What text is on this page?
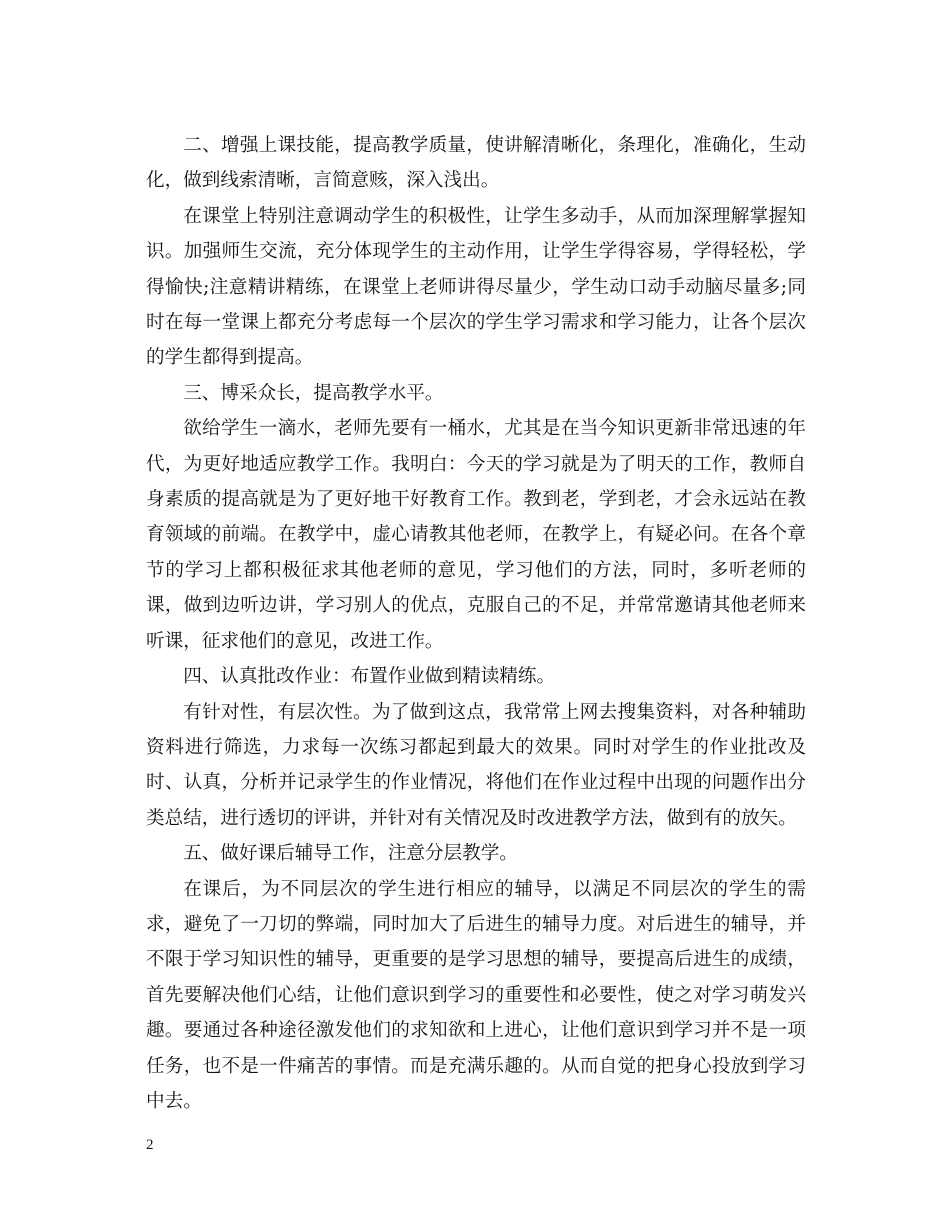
二、增强上课技能，提高教学质量，使讲解清晰化，条理化，准确化，生动化，做到线索清晰，言简意赅，深入浅出。

在课堂上特别注意调动学生的积极性，让学生多动手，从而加深理解掌握知识。加强师生交流，充分体现学生的主动作用，让学生学得容易，学得轻松，学得愉快;注意精讲精练，在课堂上老师讲得尽量少，学生动口动手动脑尽量多;同时在每一堂课上都充分考虑每一个层次的学生学习需求和学习能力，让各个层次的学生都得到提高。

三、博采众长，提高教学水平。

欲给学生一滴水，老师先要有一桶水，尤其是在当今知识更新非常迅速的年代，为更好地适应教学工作。我明白：今天的学习就是为了明天的工作，教师自身素质的提高就是为了更好地干好教育工作。教到老，学到老，才会永远站在教育领域的前端。在教学中，虚心请教其他老师，在教学上，有疑必问。在各个章节的学习上都积极征求其他老师的意见，学习他们的方法，同时，多听老师的课，做到边听边讲，学习别人的优点，克服自己的不足，并常常邀请其他老师来听课，征求他们的意见，改进工作。

四、认真批改作业：布置作业做到精读精练。

有针对性，有层次性。为了做到这点，我常常上网去搜集资料，对各种辅助资料进行筛选，力求每一次练习都起到最大的效果。同时对学生的作业批改及时、认真，分析并记录学生的作业情况，将他们在作业过程中出现的问题作出分类总结，进行透切的评讲，并针对有关情况及时改进教学方法，做到有的放矢。

五、做好课后辅导工作，注意分层教学。

在课后，为不同层次的学生进行相应的辅导，以满足不同层次的学生的需求，避免了一刀切的弊端，同时加大了后进生的辅导力度。对后进生的辅导，并不限于学习知识性的辅导，更重要的是学习思想的辅导，要提高后进生的成绩，首先要解决他们心结，让他们意识到学习的重要性和必要性，使之对学习萌发兴趣。要通过各种途径激发他们的求知欲和上进心，让他们意识到学习并不是一项任务，也不是一件痛苦的事情。而是充满乐趣的。从而自觉的把身心投放到学习中去。

2
